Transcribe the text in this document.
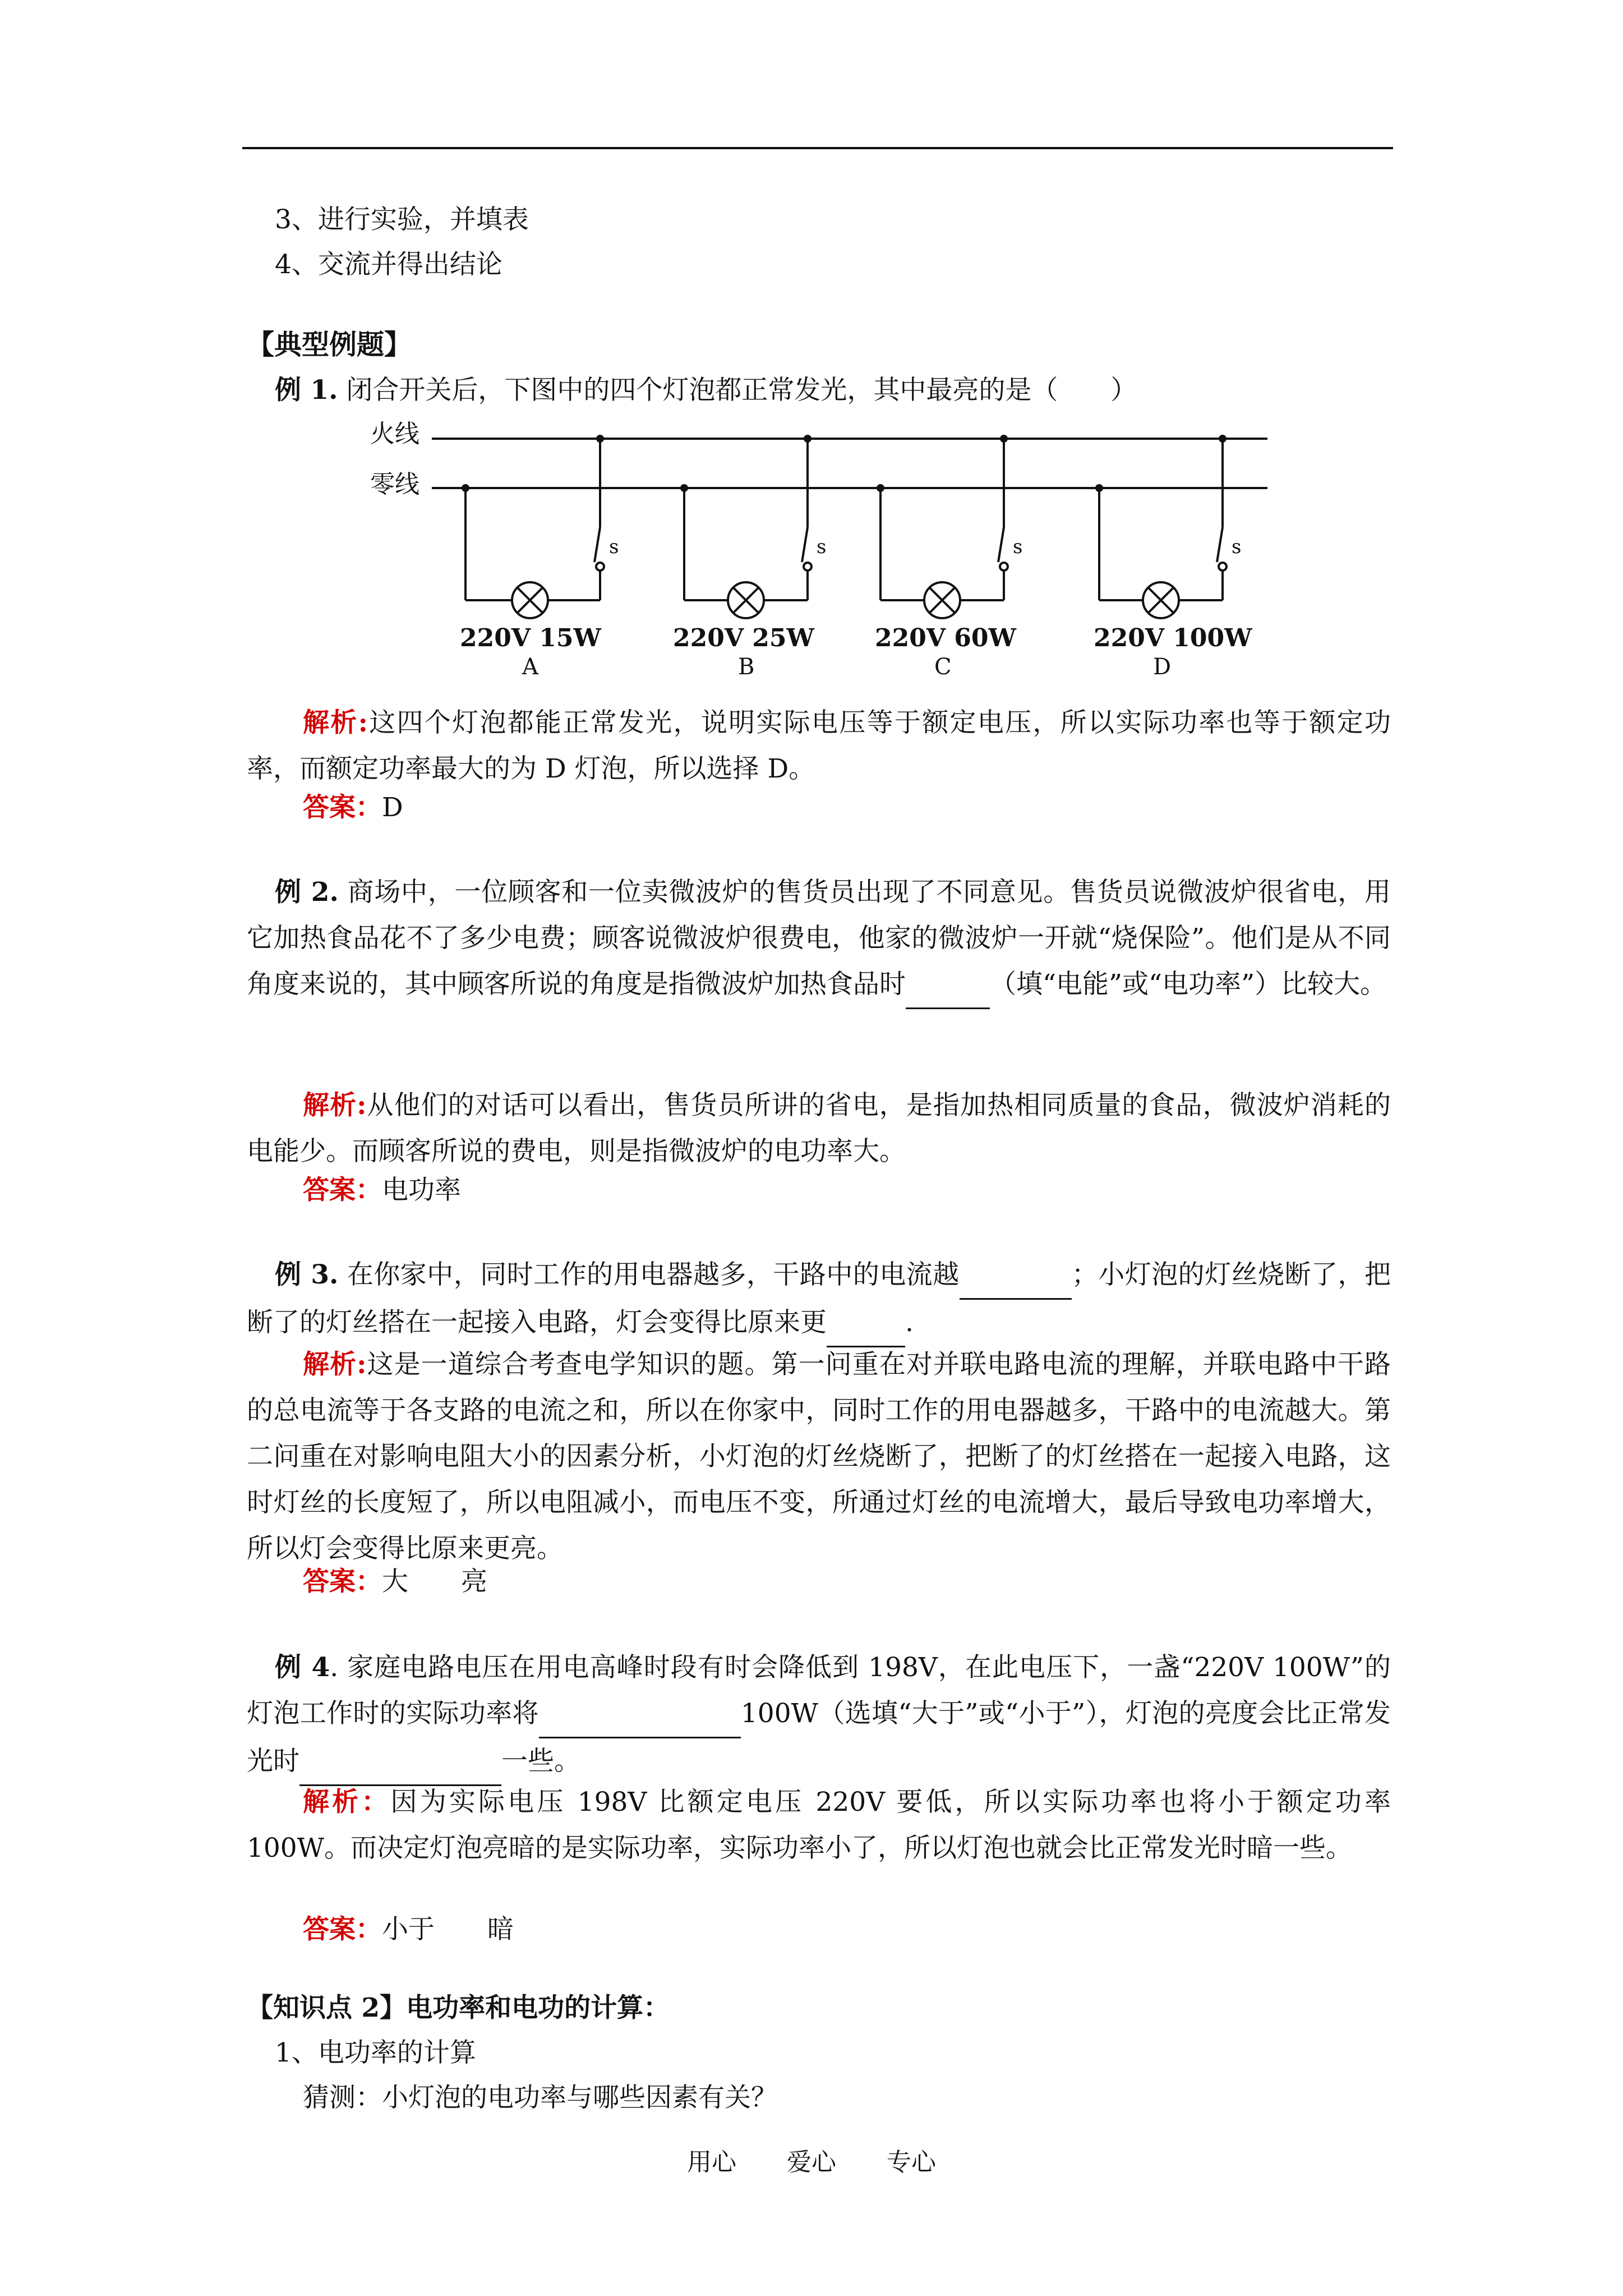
3、进行实验，并填表
4、交流并得出结论
【典型例题】
例 1. 闭合开关后，下图中的四个灯泡都正常发光，其中最亮的是（　　）
火线
零线
s
220V 15W
A
s
220V 25W
B
s
220V 60W
C
s
220V 100W
D
解析:这四个灯泡都能正常发光，说明实际电压等于额定电压，所以实际功率也等于额定功率，而额定功率最大的为 D 灯泡，所以选择 D。
答案：D
例 2. 商场中，一位顾客和一位卖微波炉的售货员出现了不同意见。售货员说微波炉很省电，用它加热食品花不了多少电费；顾客说微波炉很费电，他家的微波炉一开就“烧保险”。他们是从不同角度来说的，其中顾客所说的角度是指微波炉加热食品时	（填“电能”或“电功率”）比较大。
解析:从他们的对话可以看出，售货员所讲的省电，是指加热相同质量的食品，微波炉消耗的电能少。而顾客所说的费电，则是指微波炉的电功率大。
答案：电功率
例 3. 在你家中，同时工作的用电器越多，干路中的电流越	；小灯泡的灯丝烧断了，把断了的灯丝搭在一起接入电路，灯会变得比原来更	.
解析:这是一道综合考查电学知识的题。第一问重在对并联电路电流的理解，并联电路中干路的总电流等于各支路的电流之和，所以在你家中，同时工作的用电器越多，干路中的电流越大。第二问重在对影响电阻大小的因素分析，小灯泡的灯丝烧断了，把断了的灯丝搭在一起接入电路，这时灯丝的长度短了，所以电阻减小，而电压不变，所通过灯丝的电流增大，最后导致电功率增大，所以灯会变得比原来更亮。
答案：大　　亮
例 4. 家庭电路电压在用电高峰时段有时会降低到 198V，在此电压下，一盏“220V 100W”的灯泡工作时的实际功率将	100W（选填“大于”或“小于”），灯泡的亮度会比正常发光时	一些。
解析：因为实际电压 198V 比额定电压 220V 要低，所以实际功率也将小于额定功率 100W。而决定灯泡亮暗的是实际功率，实际功率小了，所以灯泡也就会比正常发光时暗一些。
答案：小于　　暗
【知识点 2】电功率和电功的计算：
1、电功率的计算
猜测：小灯泡的电功率与哪些因素有关？
用心 爱心 专心
